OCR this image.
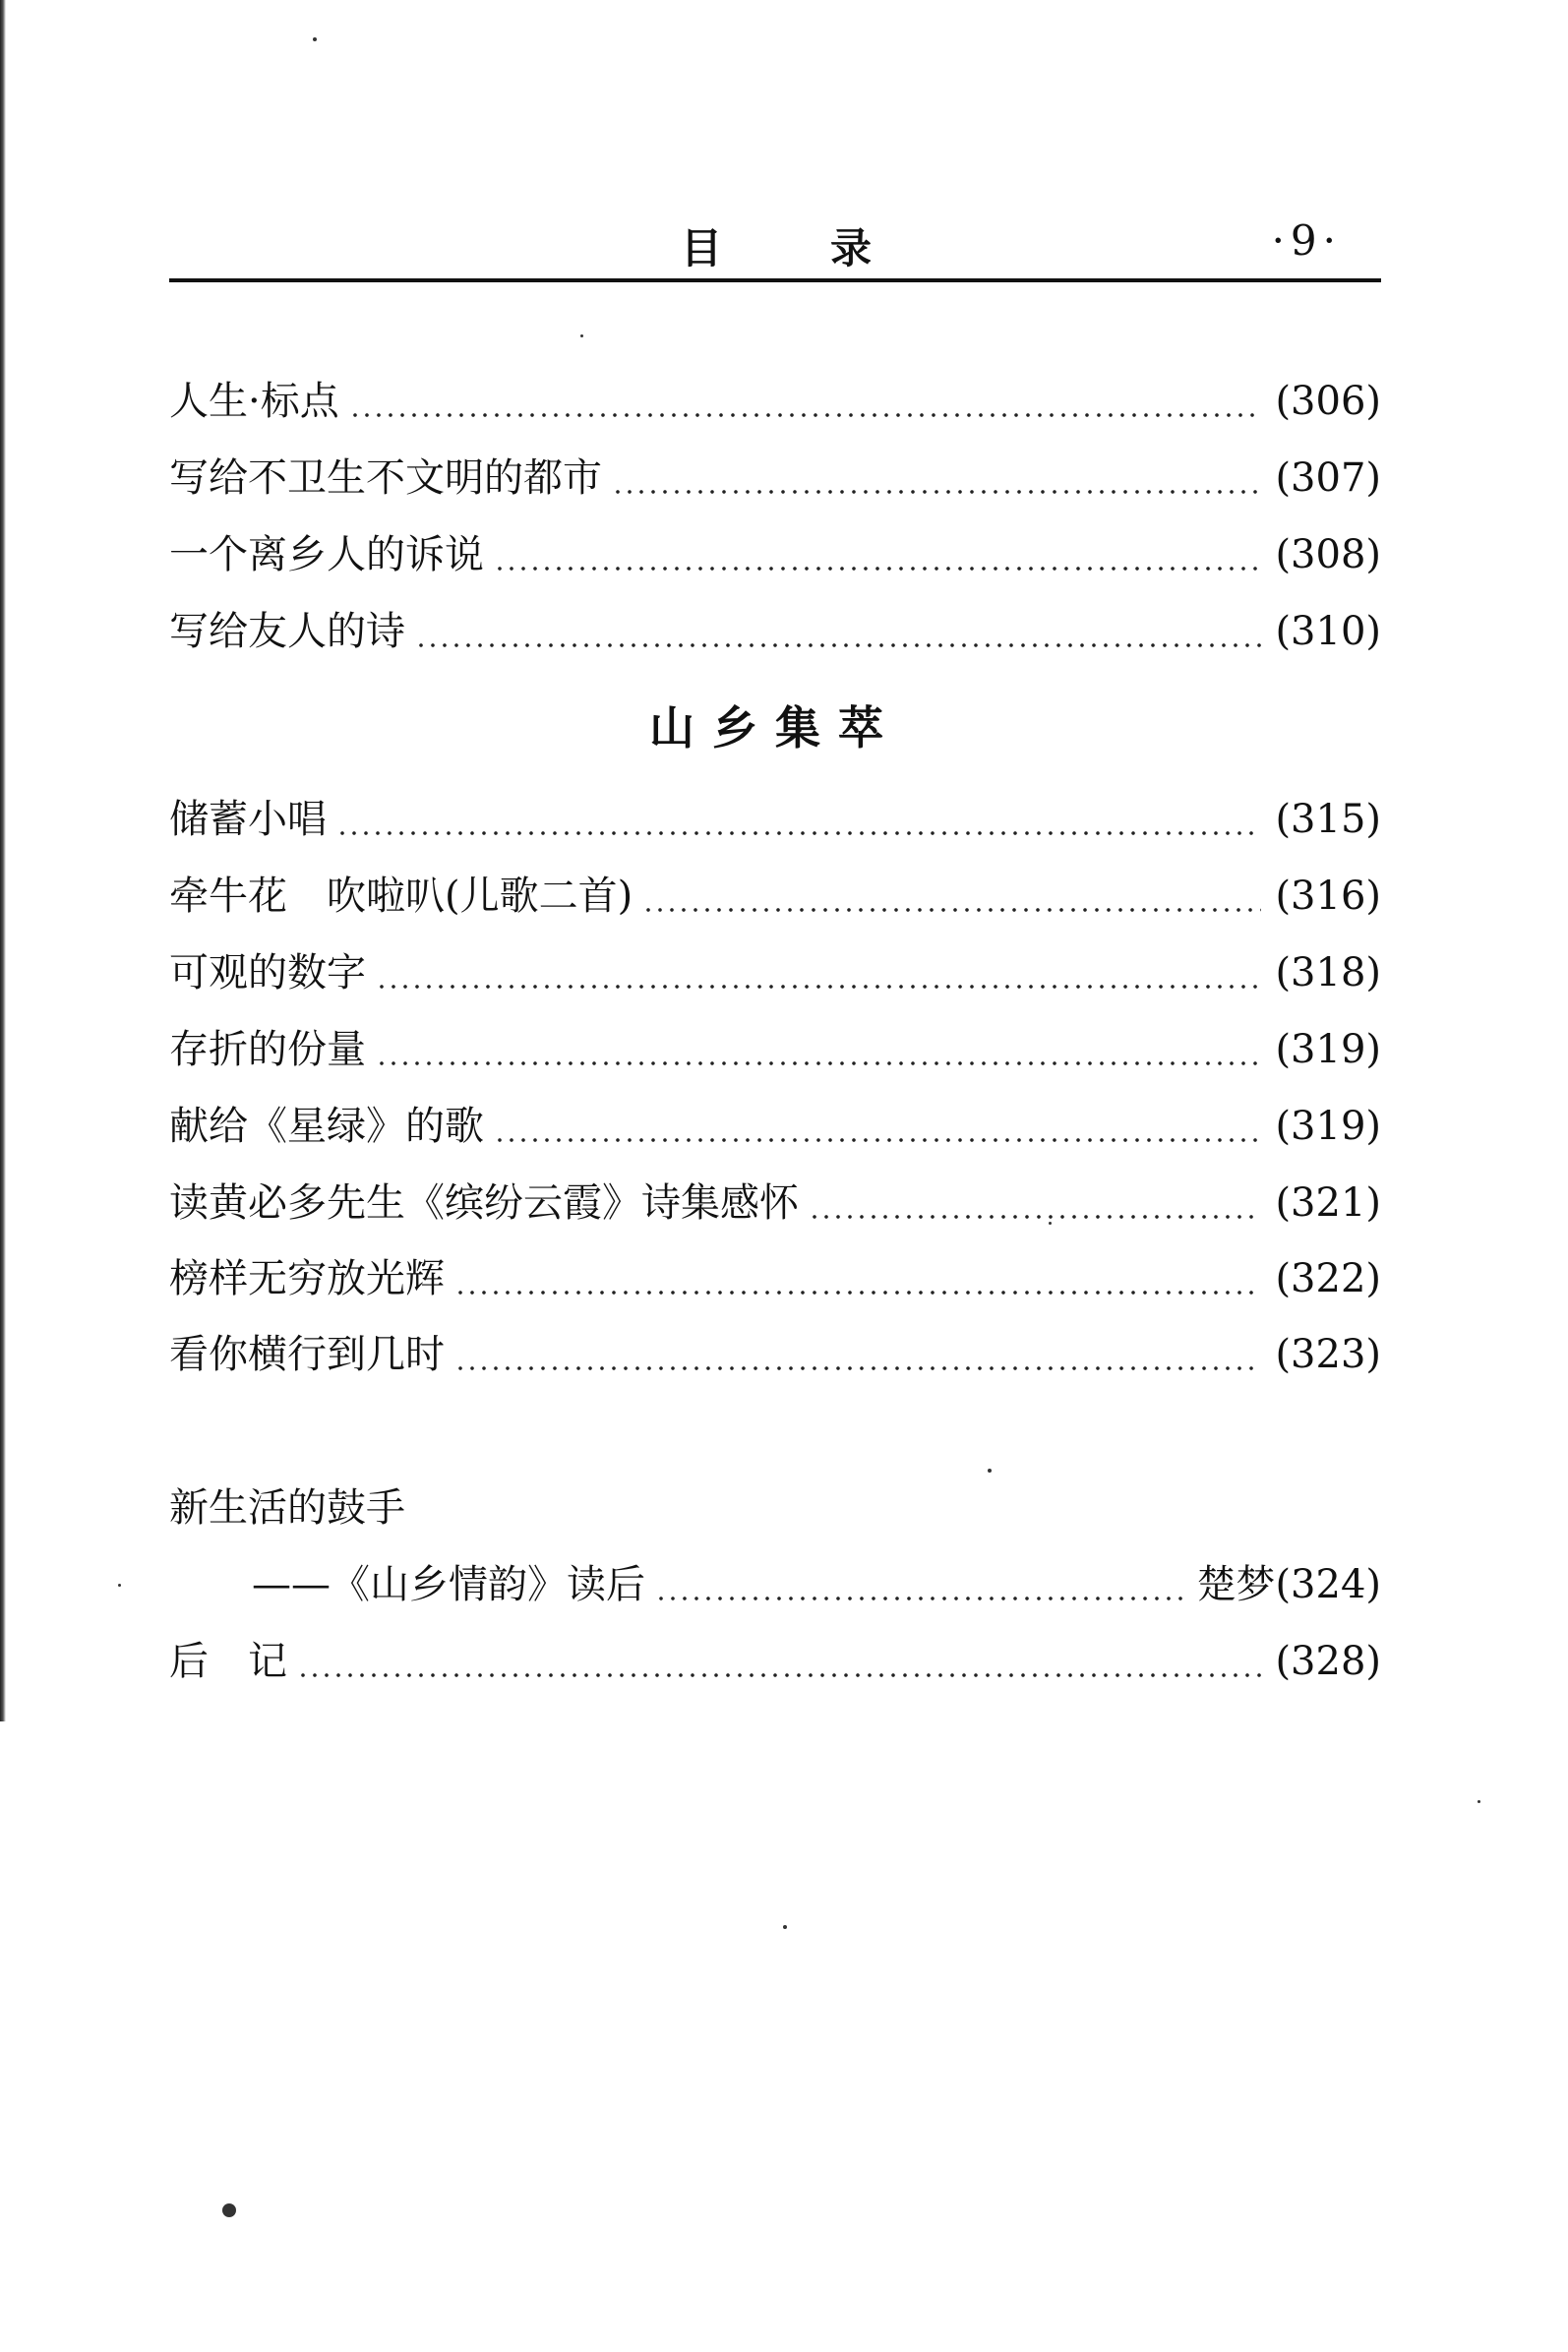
目录	·9·
人生·标点	(306)
写给不卫生不文明的都市	(307)
一个离乡人的诉说	(308)
写给友人的诗	(310)
山乡集萃
储蓄小唱	(315)
牵牛花　吹啦叭(儿歌二首)	(316)
可观的数字	(318)
存折的份量	(319)
献给《星绿》的歌	(319)
读黄必多先生《缤纷云霞》诗集感怀	(321)
榜样无穷放光辉	(322)
看你横行到几时	(323)
新生活的鼓手
——《山乡情韵》读后	楚梦 (324)
后　记	(328)
